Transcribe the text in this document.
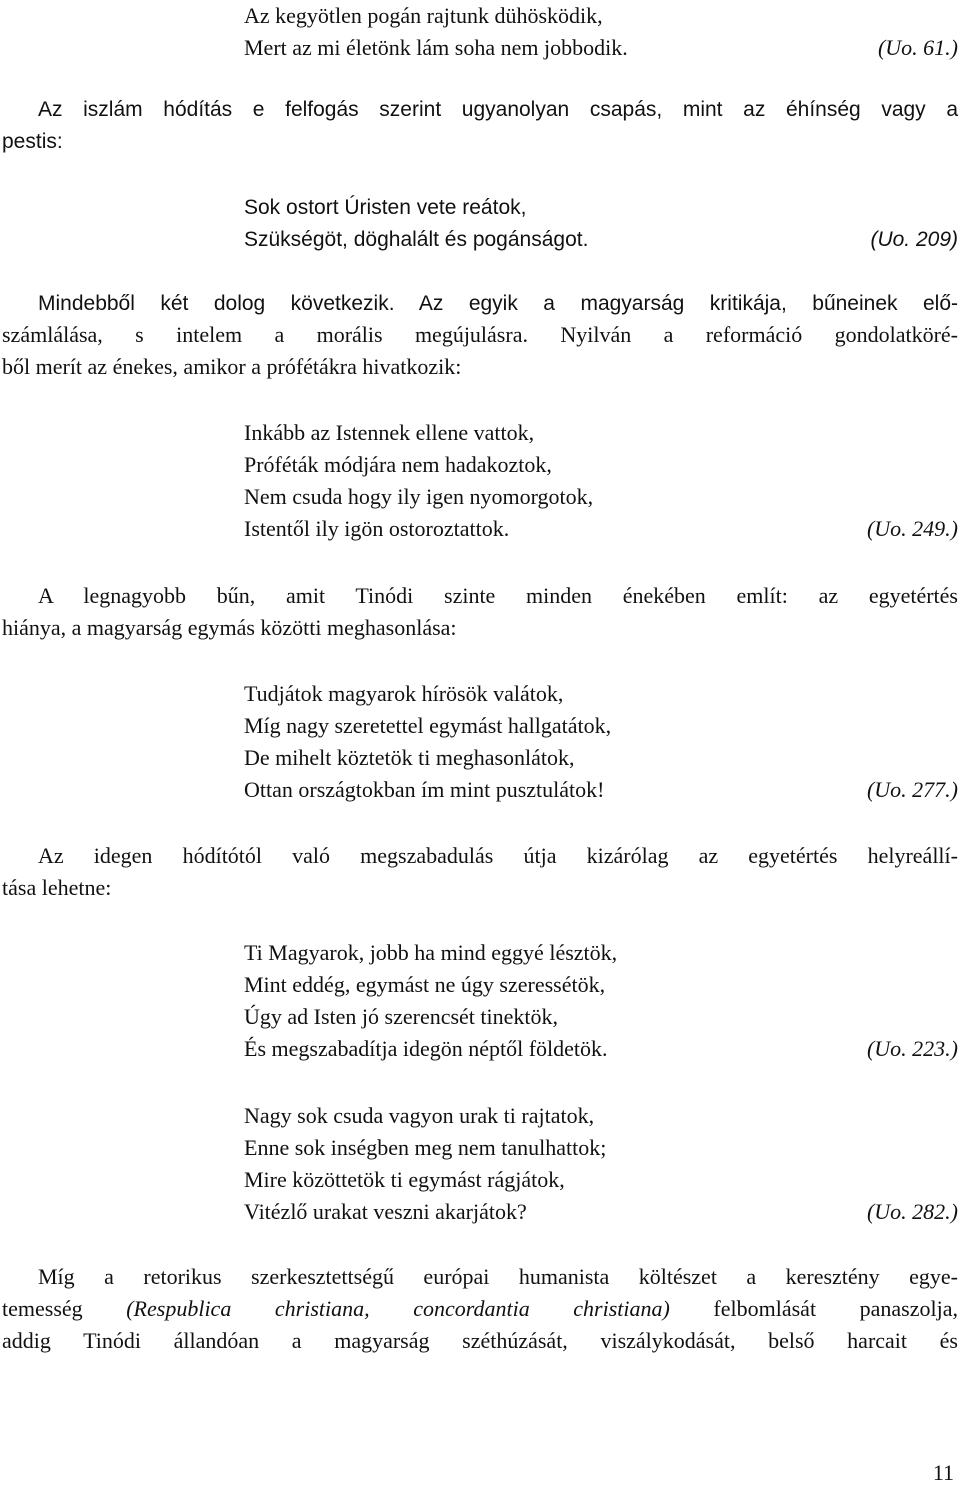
Az kegyötlen pogán rajtunk dühösködik,
Mert az mi életönk lám soha nem jobbodik.	(Uo. 61.)
Az iszlám hódítás e felfogás szerint ugyanolyan csapás, mint az éhínség vagy a
pestis:
Sok ostort Úristen vete reátok,
Szükségöt, döghalált és pogánságot.	(Uo. 209)
Mindebből két dolog következik. Az egyik a magyarság kritikája, bűneinek elő-
számlálása, s intelem a morális megújulásra. Nyilván a reformáció gondolatköré-
ből merít az énekes, amikor a prófétákra hivatkozik:
Inkább az Istennek ellene vattok,
Próféták módjára nem hadakoztok,
Nem csuda hogy ily igen nyomorgotok,
Istentől ily igön ostoroztattok.	(Uo. 249.)
A legnagyobb bűn, amit Tinódi szinte minden énekében említ: az egyetértés
hiánya, a magyarság egymás közötti meghasonlása:
Tudjátok magyarok hírösök valátok,
Míg nagy szeretettel egymást hallgatátok,
De mihelt köztetök ti meghasonlátok,
Ottan országtokban ím mint pusztulátok!	(Uo. 277.)
Az idegen hódítótól való megszabadulás útja kizárólag az egyetértés helyreállí-
tása lehetne:
Ti Magyarok, jobb ha mind eggyé lésztök,
Mint eddég, egymást ne úgy szeressétök,
Úgy ad Isten jó szerencsét tinektök,
És megszabadítja idegön néptől földetök.	(Uo. 223.)
Nagy sok csuda vagyon urak ti rajtatok,
Enne sok inségben meg nem tanulhattok;
Mire közöttetök ti egymást rágjátok,
Vitézlő urakat veszni akarjátok?	(Uo. 282.)
Míg a retorikus szerkesztettségű európai humanista költészet a keresztény egye-
temesség (Respublica christiana, concordantia christiana) felbomlását panaszolja,
addig Tinódi állandóan a magyarság széthúzását, viszálykodását, belső harcait és
11
